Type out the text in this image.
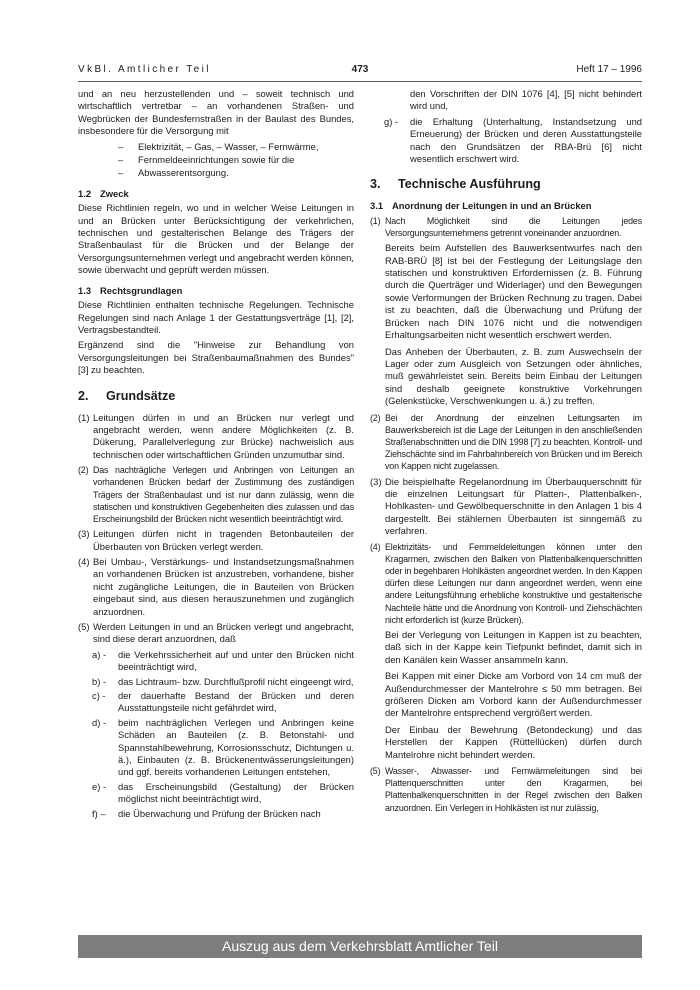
VkBl. Amtlicher Teil	473	Heft 17 – 1996

und an neu herzustellenden und – soweit technisch und wirtschaftlich vertretbar – an vorhandenen Straßen- und Wegbrücken der Bundesfernstraßen in der Baulast des Bundes, insbesondere für die Versorgung mit

– Elektrizität, – Gas, – Wasser, – Fernwärme,
– Fernmeldeeinrichtungen sowie für die
– Abwasserentsorgung.
1.2 Zweck

Diese Richtlinien regeln, wo und in welcher Weise Leitungen in und an Brücken unter Berücksichtigung der verkehrlichen, technischen und gestalterischen Belange des Trägers der Straßenbaulast für die Brücken und der Belange der Versorgungsunternehmen verlegt und angebracht werden können, sowie überwacht und geprüft werden müssen.

1.3 Rechtsgrundlagen

Diese Richtlinien enthalten technische Regelungen. Technische Regelungen sind nach Anlage 1 der Gestattungsverträge [1], [2], Vertragsbestandteil.

Ergänzend sind die "Hinweise zur Behandlung von Versorgungsleitungen bei Straßenbaumaßnahmen des Bundes" [3] zu beachten.

2. Grundsätze
(1) Leitungen dürfen in und an Brücken nur verlegt und angebracht werden, wenn andere Möglichkeiten (z. B. Dükerung, Parallelverlegung zur Brücke) nachweislich aus technischen oder wirtschaftlichen Gründen unzumutbar sind.
(2) Das nachträgliche Verlegen und Anbringen von Leitungen an vorhandenen Brücken bedarf der Zustimmung des zuständigen Trägers der Straßenbaulast und ist nur dann zulässig, wenn die statischen und konstruktiven Gegebenheiten dies zulassen und das Erscheinungsbild der Brücken nicht wesentlich beeinträchtigt wird.
(3) Leitungen dürfen nicht in tragenden Betonbauteilen der Überbauten von Brücken verlegt werden.
(4) Bei Umbau-, Verstärkungs- und Instandsetzungsmaßnahmen an vorhandenen Brücken ist anzustreben, vorhandene, bisher nicht zugängliche Leitungen, die in Bauteilen von Brücken eingebaut sind, aus diesen herauszunehmen und zugänglich anzuordnen.
(5) Werden Leitungen in und an Brücken verlegt und angebracht, sind diese derart anzuordnen, daß
a) - die Verkehrssicherheit auf und unter den Brücken nicht beeinträchtigt wird,
b) - das Lichtraum- bzw. Durchflußprofil nicht eingeengt wird,
c) - der dauerhafte Bestand der Brücken und deren Ausstattungsteile nicht gefährdet wird,
d) - beim nachträglichen Verlegen und Anbringen keine Schäden an Bauteilen (z. B. Betonstahl- und Spannstahlbewehrung, Korrosionsschutz, Dichtungen u. ä.), Einbauten (z. B. Brückenentwässerungsleitungen) und ggf. bereits vorhandenen Leitungen entstehen,
e) - das Erscheinungsbild (Gestaltung) der Brücken möglichst nicht beeinträchtigt wird,
f) – die Überwachung und Prüfung der Brücken nach

den Vorschriften der DIN 1076 [4], [5] nicht behindert wird und,

g) - die Erhaltung (Unterhaltung, Instandsetzung und Erneuerung) der Brücken und deren Ausstattungsteile nach den Grundsätzen der RBA-Brü [6] nicht wesentlich erschwert wird.
3. Technische Ausführung
3.1 Anordnung der Leitungen in und an Brücken
(1) Nach Möglichkeit sind die Leitungen jedes Versorgungsunternehmens getrennt voneinander anzuordnen.

Bereits beim Aufstellen des Bauwerksentwurfes nach den RAB-BRÜ [8] ist bei der Festlegung der Leitungslage den statischen und konstruktiven Erfordernissen (z. B. Führung durch die Querträger und Widerlager) und den Bewegungen sowie Verformungen der Brücken Rechnung zu tragen. Dabei ist zu beachten, daß die Überwachung und Prüfung der Brücken nach DIN 1076 nicht und die notwendigen Erhaltungsarbeiten nicht wesentlich erschwert werden.

Das Anheben der Überbauten, z. B. zum Auswechseln der Lager oder zum Ausgleich von Setzungen oder ähnliches, muß gewährleistet sein. Bereits beim Einbau der Leitungen sind deshalb geeignete konstruktive Vorkehrungen (Gelenkstücke, Verschwenkungen u. ä.) zu treffen.

(2) Bei der Anordnung der einzelnen Leitungsarten im Bauwerksbereich ist die Lage der Leitungen in den anschließenden Straßenabschnitten und die DIN 1998 [7] zu beachten. Kontroll- und Ziehschächte sind im Fahrbahnbereich von Brücken und im Bereich von Kappen nicht zugelassen.
(3) Die beispielhafte Regelanordnung im Überbauquerschnitt für die einzelnen Leitungsart für Platten-, Plattenbalken-, Hohlkasten- und Gewölbequerschnitte in den Anlagen 1 bis 4 dargestellt. Bei stählernen Überbauten ist sinngemäß zu verfahren.
(4) Elektrizitäts- und Fernmeldeleitungen können unter den Kragarmen, zwischen den Balken von Plattenbalkenquerschnitten oder in begehbaren Hohlkästen angeordnet werden. In den Kappen dürfen diese Leitungen nur dann angeordnet werden, wenn eine andere Leitungsführung erhebliche konstruktive und gestalterische Nachteile hätte und die Anordnung von Kontroll- und Ziehschächten nicht erforderlich ist (kurze Brücken).

Bei der Verlegung von Leitungen in Kappen ist zu beachten, daß sich in der Kappe kein Tiefpunkt befindet, damit sich in den Kanälen kein Wasser ansammeln kann.

Bei Kappen mit einer Dicke am Vorbord von 14 cm muß der Außendurchmesser der Mantelrohre ≤ 50 mm betragen. Bei größeren Dicken am Vorbord kann der Außendurchmesser der Mantelrohre entsprechend vergrößert werden.

Der Einbau der Bewehrung (Betondeckung) und das Herstellen der Kappen (Rüttellücken) dürfen durch Mantelrohre nicht behindert werden.

(5) Wasser-, Abwasser- und Fernwärmeleitungen sind bei Plattenquerschnitten unter den Kragarmen, bei Plattenbalkenquerschnitten in der Regel zwischen den Balken anzuordnen. Ein Verlegen in Hohlkästen ist nur zulässig,
Auszug aus dem Verkehrsblatt Amtlicher Teil
